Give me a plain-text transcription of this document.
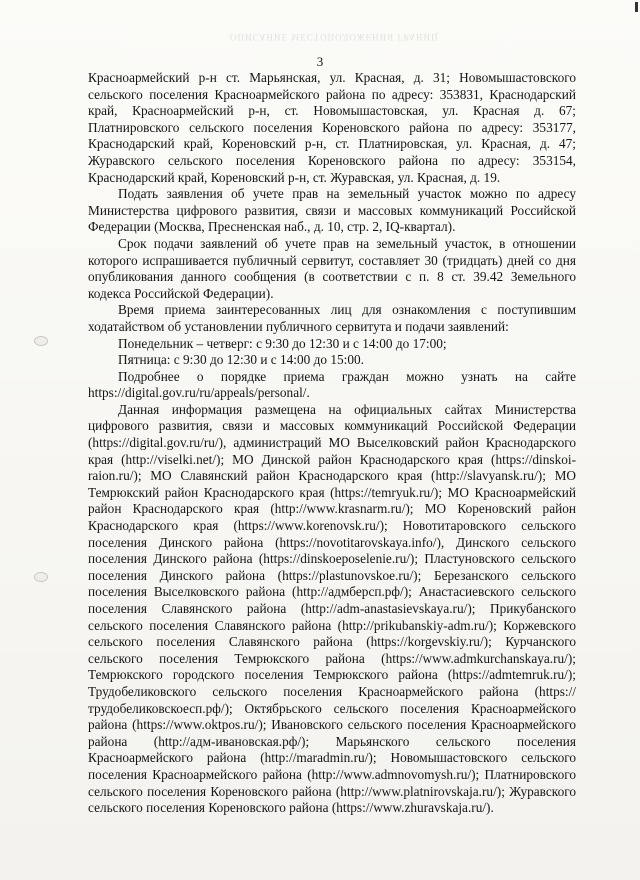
ОПИСАНИЕ МЕСТОПОЛОЖЕНИЯ ГРАНИЦ
3

Красноармейский р-н ст. Марьянская, ул. Красная, д. 31; Новомышастовского сельского поселения Красноармейского района по адресу: 353831, Краснодарский край, Красноармейский р-н, ст. Новомышастовская, ул. Красная д. 67; Платнировского сельского поселения Кореновского района по адресу: 353177, Краснодарский край, Кореновский р-н, ст. Платнировская, ул. Красная, д. 47; Журавского сельского поселения Кореновского района по адресу: 353154, Краснодарский край, Кореновский р-н, ст. Журавская, ул. Красная, д. 19.

Подать заявления об учете прав на земельный участок можно по адресу Министерства цифрового развития, связи и массовых коммуникаций Российской Федерации (Москва, Пресненская наб., д. 10, стр. 2, IQ-квартал).

Срок подачи заявлений об учете прав на земельный участок, в отношении которого испрашивается публичный сервитут, составляет 30 (тридцать) дней со дня опубликования данного сообщения (в соответствии с п. 8 ст. 39.42 Земельного кодекса Российской Федерации).

Время приема заинтересованных лиц для ознакомления с поступившим ходатайством об установлении публичного сервитута и подачи заявлений:

Понедельник – четверг: с 9:30 до 12:30 и с 14:00 до 17:00;

Пятница: с 9:30 до 12:30 и с 14:00 до 15:00.

Подробнее о порядке приема граждан можно узнать на сайте https://digital.gov.ru/ru/appeals/personal/.

Данная информация размещена на официальных сайтах Министерства цифрового развития, связи и массовых коммуникаций Российской Федерации (https://digital.gov.ru/ru/), администраций МО Выселковский район Краснодарского края (http://viselki.net/); МО Динской район Краснодарского края (https://dinskoi-raion.ru/); МО Славянский район Краснодарского края (http://slavyansk.ru/); МО Темрюкский район Краснодарского края (https://temryuk.ru/); МО Красноармейский район Краснодарского края (http://www.krasnarm.ru/); МО Кореновский район Краснодарского края (https://www.korenovsk.ru/); Новотитаровского сельского поселения Динского района (https://novotitarovskaya.info/), Динского сельского поселения Динского района (https://dinskoeposelenie.ru/); Пластуновского сельского поселения Динского района (https://plastunovskoe.ru/); Березанского сельского поселения Выселковского района (http://адмберсп.рф/); Анастасиевского сельского поселения Славянского района (http://adm-anastasievskaya.ru/); Прикубанского сельского поселения Славянского района (http://prikubanskiy-adm.ru/); Коржевского сельского поселения Славянского района (https://korgevskiy.ru/); Курчанского сельского поселения Темрюкского района (https://www.admkurchanskaya.ru/); Темрюкского городского поселения Темрюкского района (https://admtemruk.ru/); Трудобеликовского сельского поселения Красноармейского района (https://трудобеликовскоесп.рф/); Октябрьского сельского поселения Красноармейского района (https://www.oktpos.ru/); Ивановского сельского поселения Красноармейского района (http://адм-ивановская.рф/); Марьянского сельского поселения Красноармейского района (http://maradmin.ru/); Новомышастовского сельского поселения Красноармейского района (http://www.admnovomysh.ru/); Платнировского сельского поселения Кореновского района (http://www.platnirovskaja.ru/); Журавского сельского поселения Кореновского района (https://www.zhuravskaja.ru/).
